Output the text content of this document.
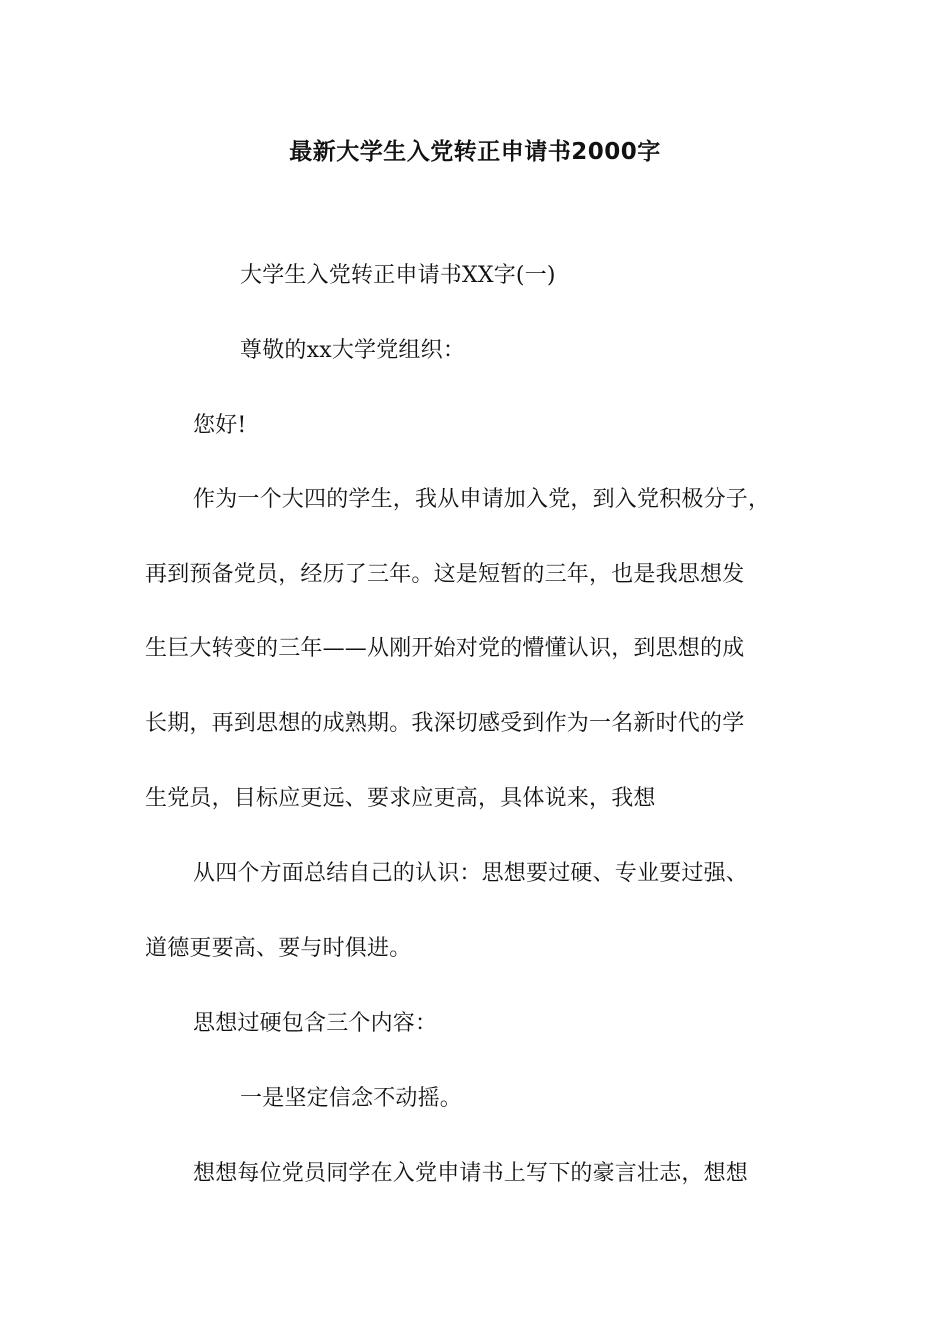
最新大学生入党转正申请书2000字
大学生入党转正申请书XX字(一)
尊敬的xx大学党组织：
您好!
作为一个大四的学生，我从申请加入党，到入党积极分子，
再到预备党员，经历了三年。这是短暂的三年，也是我思想发
生巨大转变的三年——从刚开始对党的懵懂认识，到思想的成
长期，再到思想的成熟期。我深切感受到作为一名新时代的学
生党员，目标应更远、要求应更高，具体说来，我想
从四个方面总结自己的认识：思想要过硬、专业要过强、
道德更要高、要与时俱进。
思想过硬包含三个内容：
一是坚定信念不动摇。
想想每位党员同学在入党申请书上写下的豪言壮志，想想
